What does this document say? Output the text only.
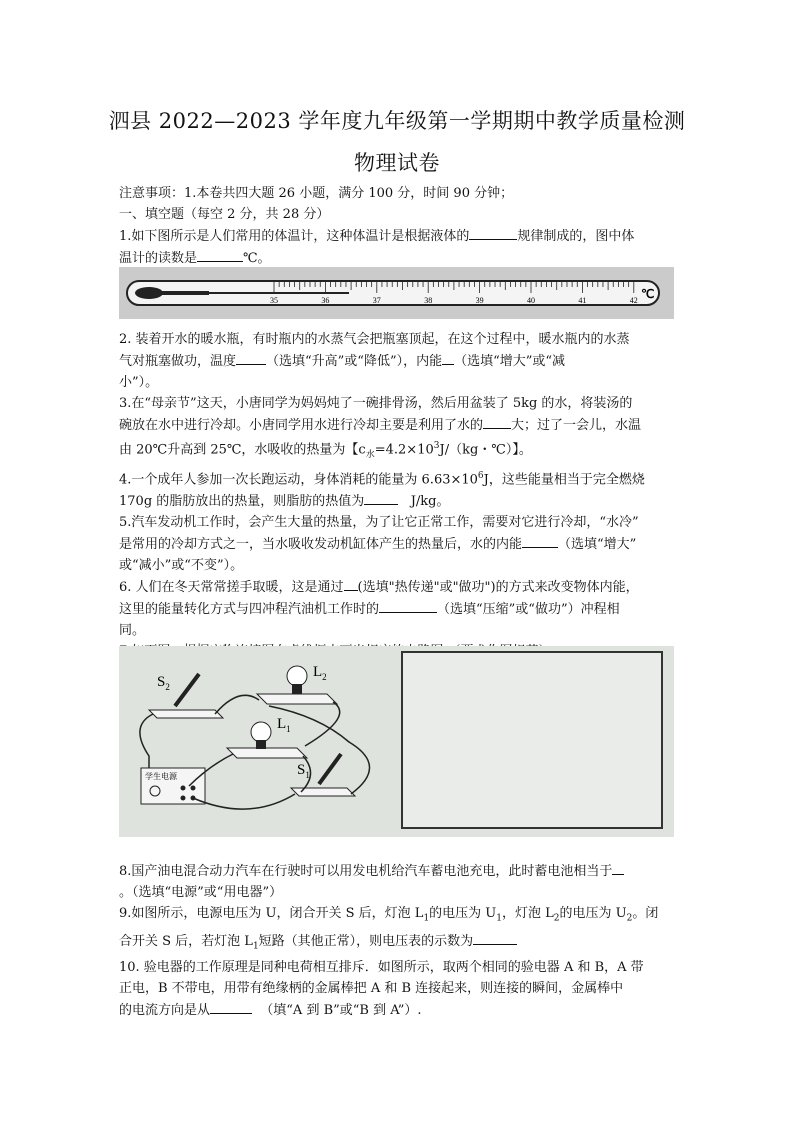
泗县 2022—2023 学年度九年级第一学期期中教学质量检测
物理试卷

注意事项：1.本卷共四大题 26 小题，满分 100 分，时间 90 分钟；

一、填空题（每空 2 分，共 28 分）

1.如下图所示是人们常用的体温计，这种体温计是根据液体的	规律制成的，图中体
温计的读数是	℃。

2. 装着开水的暖水瓶，有时瓶内的水蒸气会把瓶塞顶起，在这个过程中，暖水瓶内的水蒸
气对瓶塞做功，温度 （选填“升高”或“降低”），内能 （选填“增大”或“减
小”）。

3.在“母亲节”这天，小唐同学为妈妈炖了一碗排骨汤，然后用盆装了 5kg 的水，将装汤的
碗放在水中进行冷却。小唐同学用水进行冷却主要是利用了水的 大；过了一会儿，水温
由 20℃升高到 25℃，水吸收的热量为【$c_水=4.2\times 10^3J/(kg$・℃）】。

4.一个成年人参加一次长跑运动，身体消耗的能量为 $6.63\times 10^6J$，这些能量相当于完全燃烧
170g 的脂肪放出的热量，则脂肪的热值为	J/kg。

5.汽车发动机工作时，会产生大量的热量，为了让它正常工作，需要对它进行冷却，“水冷”
是常用的冷却方式之一，当水吸收发动机缸体产生的热量后，水的内能	（选填“增大”
或“减小”或“不变”）。

6. 人们在冬天常常搓手取暖，这是通过 (选填"热传递"或"做功")的方式来改变物体内能，
这里的能量转化方式与四冲程汽油机工作时的	（选填“压缩”或“做功”）冲程相
同。

8.国产油电混合动力汽车在行驶时可以用发电机给汽车蓄电池充电，此时蓄电池相当于
。（选填“电源”或“用电器”）

9.如图所示，电源电压为 U，闭合开关 S 后，灯泡 $L_1$的电压为 $U_1$，灯泡 $L_2$的电压为 $U_2$。闭
合开关 S 后，若灯泡 $L_1$短路（其他正常），则电压表的示数为

10. 验电器的工作原理是同种电荷相互排斥．如图所示，取两个相同的验电器 A 和 B，A 带
正电，B 不带电，用带有绝缘柄的金属棒把 A 和 B 连接起来，则连接的瞬间，金属棒中
的电流方向是从	（填“A 到 B”或“B 到 A”）.

35	36	37	38	39	40	41	42 ℃
学生电源
$S_2$
$L_2$
$L_1$
$S_1$
